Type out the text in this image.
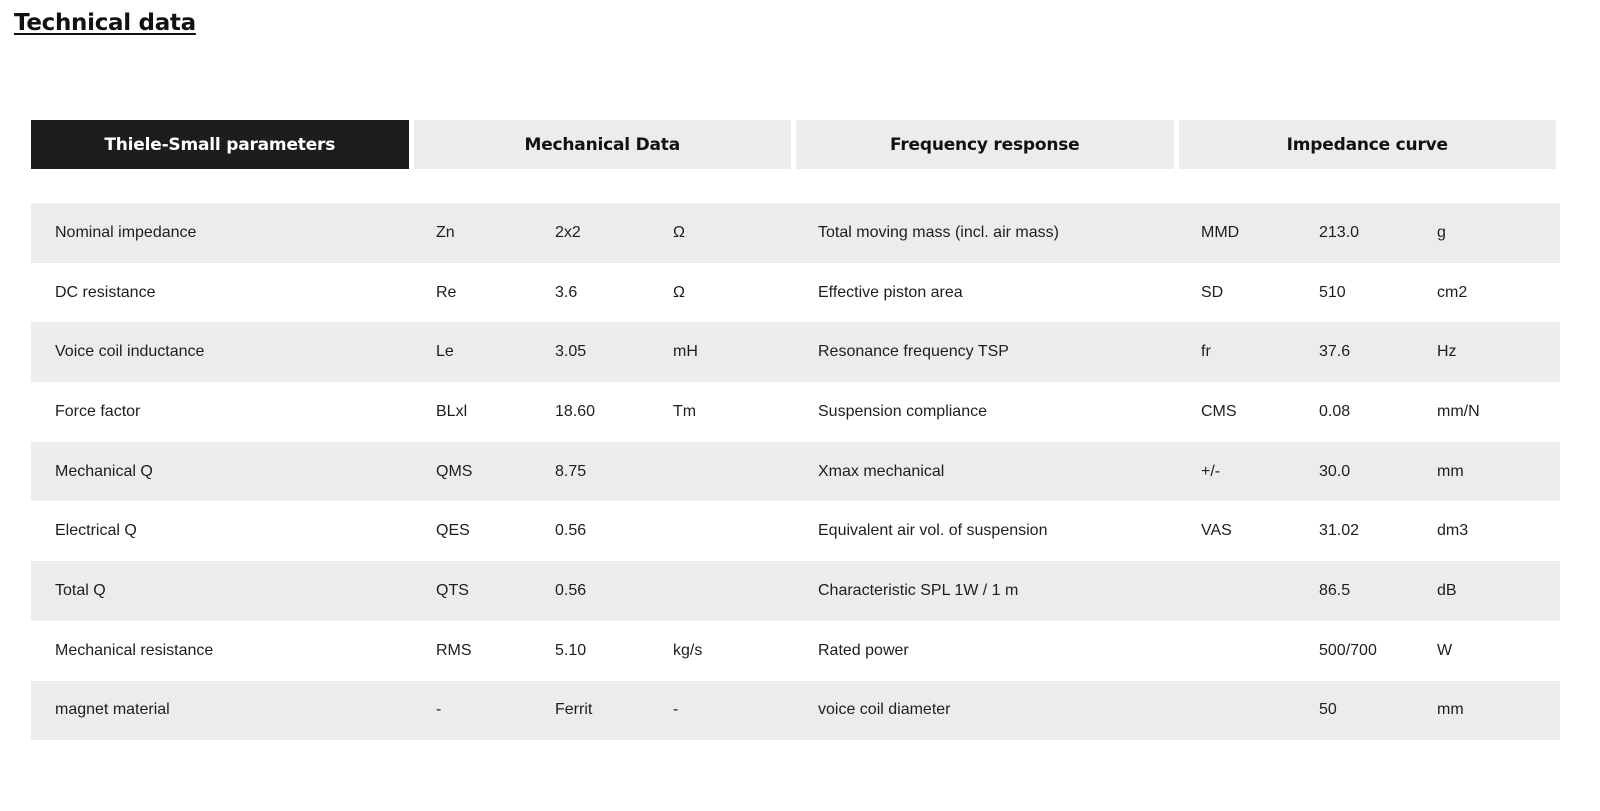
Technical data
Thiele-Small parameters	Mechanical Data	Frequency response	Impedance curve
Nominal impedance	Zn	2x2	Ω	Total moving mass (incl. air mass)	MMD	213.0	g
DC resistance	Re	3.6	Ω	Effective piston area	SD	510	cm2
Voice coil inductance	Le	3.05	mH	Resonance frequency TSP	fr	37.6	Hz
Force factor	BLxl	18.60	Tm	Suspension compliance	CMS	0.08	mm/N
Mechanical Q	QMS	8.75		Xmax mechanical	+/-	30.0	mm
Electrical Q	QES	0.56		Equivalent air vol. of suspension	VAS	31.02	dm3
Total Q	QTS	0.56		Characteristic SPL 1W / 1 m		86.5	dB
Mechanical resistance	RMS	5.10	kg/s	Rated power		500/700	W
magnet material	-	Ferrit	-	voice coil diameter		50	mm
